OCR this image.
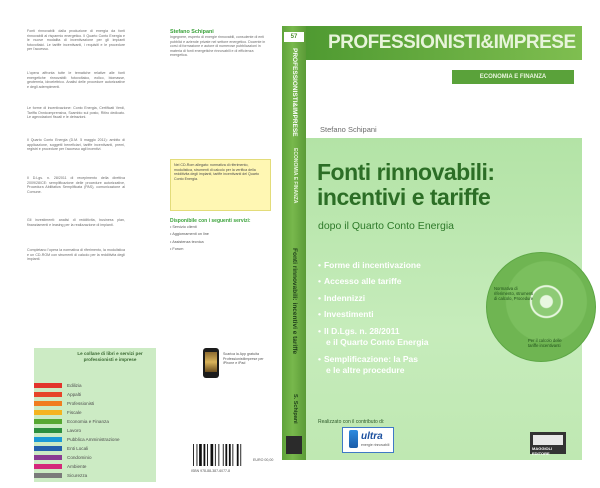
Fonti rinnovabili: dalla produzione di energia da fonti rinnovabili al risparmio energetico. Il Quarto Conto Energia e le nuove modalita di incentivazione per gli impianti fotovoltaici. Le tariffe incentivanti, i requisiti e le procedure per l'accesso.
L'opera affronta tutte le tematiche relative alle fonti energetiche rinnovabili: fotovoltaico, eolico, biomasse, geotermia, idroelettrico. Analisi delle procedure autorizzative e degli adempimenti.
Le forme di incentivazione: Conto Energia, Certificati Verdi, Tariffa Onnicomprensiva, Scambio sul posto, Ritiro dedicato. Le agevolazioni fiscali e le detrazioni.
Il Quarto Conto Energia (D.M. 5 maggio 2011): ambito di applicazione, soggetti beneficiari, tariffe incentivanti, premi, registri e procedure per l'accesso agli incentivi.
Il D.Lgs. n. 28/2011 di recepimento della direttiva 2009/28/CE: semplificazione delle procedure autorizzative, Procedura Abilitativa Semplificata (PAS), comunicazione al Comune.
Gli investimenti: analisi di redditivita, business plan, finanziamenti e leasing per la realizzazione di impianti.
Completano l'opera la normativa di riferimento, la modulistica e un CD-ROM con strumenti di calcolo per la redditivita degli impianti.
Stefano Schipani
Ingegnere, esperto di energie rinnovabili, consulente di enti pubblici e aziende private nel settore energetico. Docente in corsi di formazione e autore di numerose pubblicazioni in materia di fonti energetiche rinnovabili e di efficienza energetica.
Nel CD-Rom allegato: normativa di riferimento, modulistica, strumenti di calcolo per la verifica della redditivita degli impianti, tariffe incentivanti del Quarto Conto Energia.
Disponibile con i seguenti servizi:
• Servizio clienti
• Aggiornamenti on line
• Assistenza tecnica
• Forum
Scarica la App gratuita ProfessionistiImprese per iPhone e iPad
Le collane di libri e servizi per professionisti e imprese
Edilizia
Appalti
Professionisti
Fiscale
Economia e Finanza
Lavoro
Pubblica Amministrazione
Enti Locali
Condominio
Ambiente
Sicurezza
ISBN 978-88-387-6077-8
EURO 00,00
57
PROFESSIONISTI&IMPRESE
ECONOMIA E FINANZA
Fonti rinnovabili: incentivi e tariffe
S. Schipani
PROFESSIONISTI&IMPRESE
ECONOMIA E FINANZA
Stefano Schipani
Fonti rinnovabili:
incentivi e tariffe
dopo il Quarto Conto Energia
• Forme di incentivazione
• Accesso alle tariffe
• Indennizzi
• Investimenti
• Il D.Lgs. n. 28/2011
e il Quarto Conto Energia
• Semplificazione: la Pas
e le altre procedure
Normativa di riferimento, strumenti di calcolo, Procedure
Per il calcolo delle tariffe incentivanti
Realizzato con il contributo di:
ultra
energie rinnovabili
MAGGIOLI EDITORE
